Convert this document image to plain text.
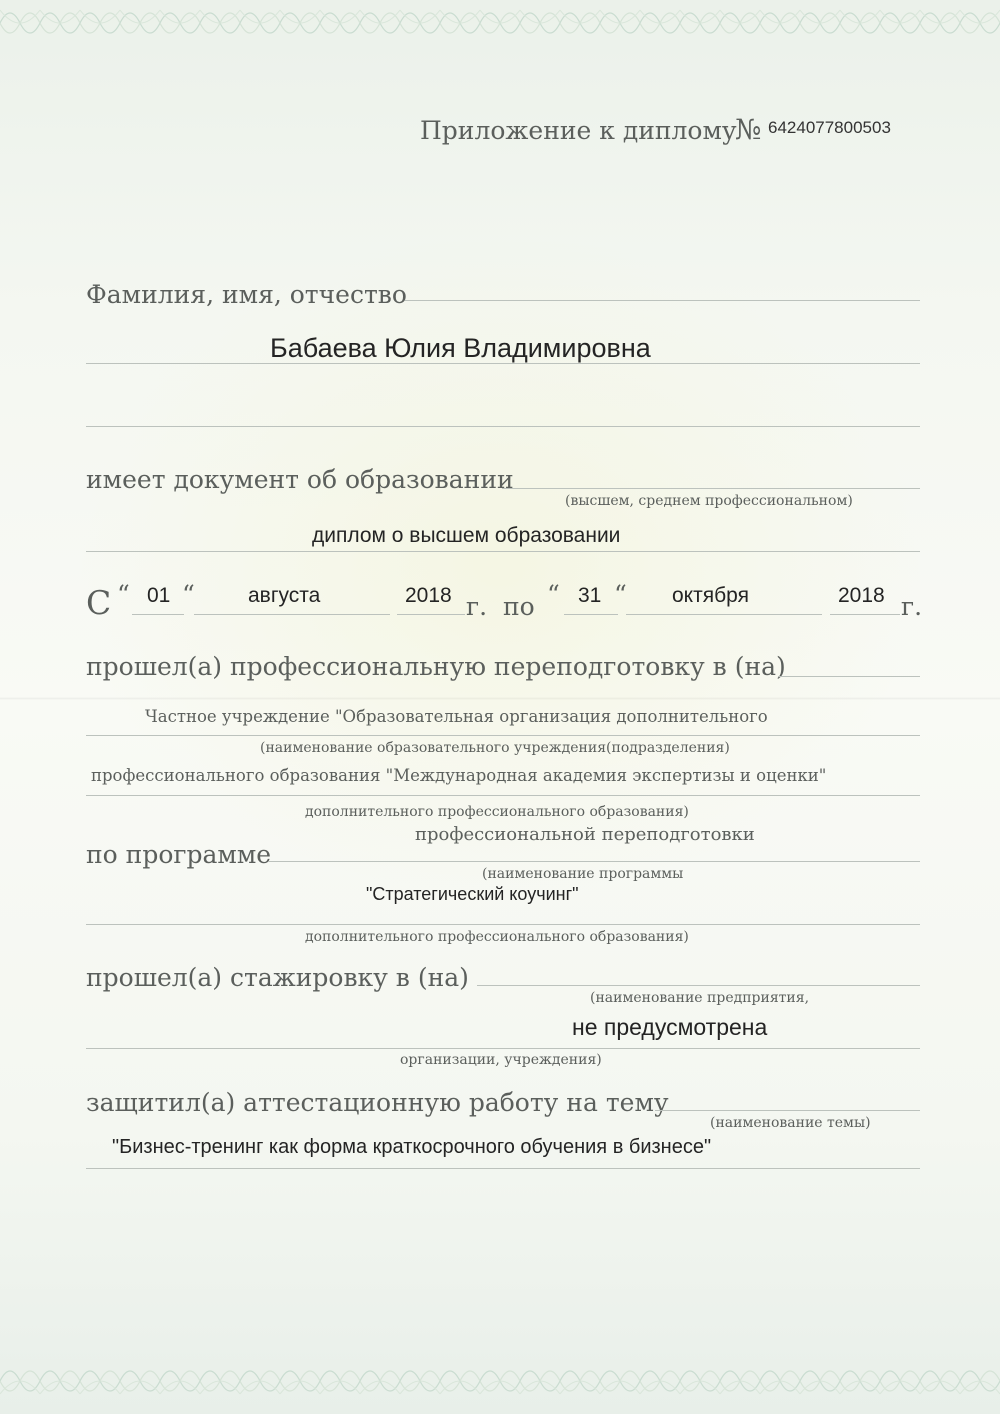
Приложение к диплому
№ 6424077800503
Фамилия, имя, отчество
Бабаева Юлия Владимировна
имеет документ об образовании
(высшем, среднем профессиональном)
диплом о высшем образовании
С “ 01 “	августа	2018 г. по “ 31 “ октября	2018 г.
прошел(а) профессиональную переподготовку в (на)
Частное учреждение "Образовательная организация дополнительного
(наименование образовательного учреждения(подразделения)
профессионального образования "Международная академия экспертизы и оценки"
дополнительного профессионального образования)
по программе
профессиональной переподготовки
(наименование программы
"Стратегический коучинг"
дополнительного профессионального образования)
прошел(а) стажировку в (на)
(наименование предприятия,
не предусмотрена
организации, учреждения)
защитил(а) аттестационную работу на тему
(наименование темы)
"Бизнес-тренинг как форма краткосрочного обучения в бизнесе"
